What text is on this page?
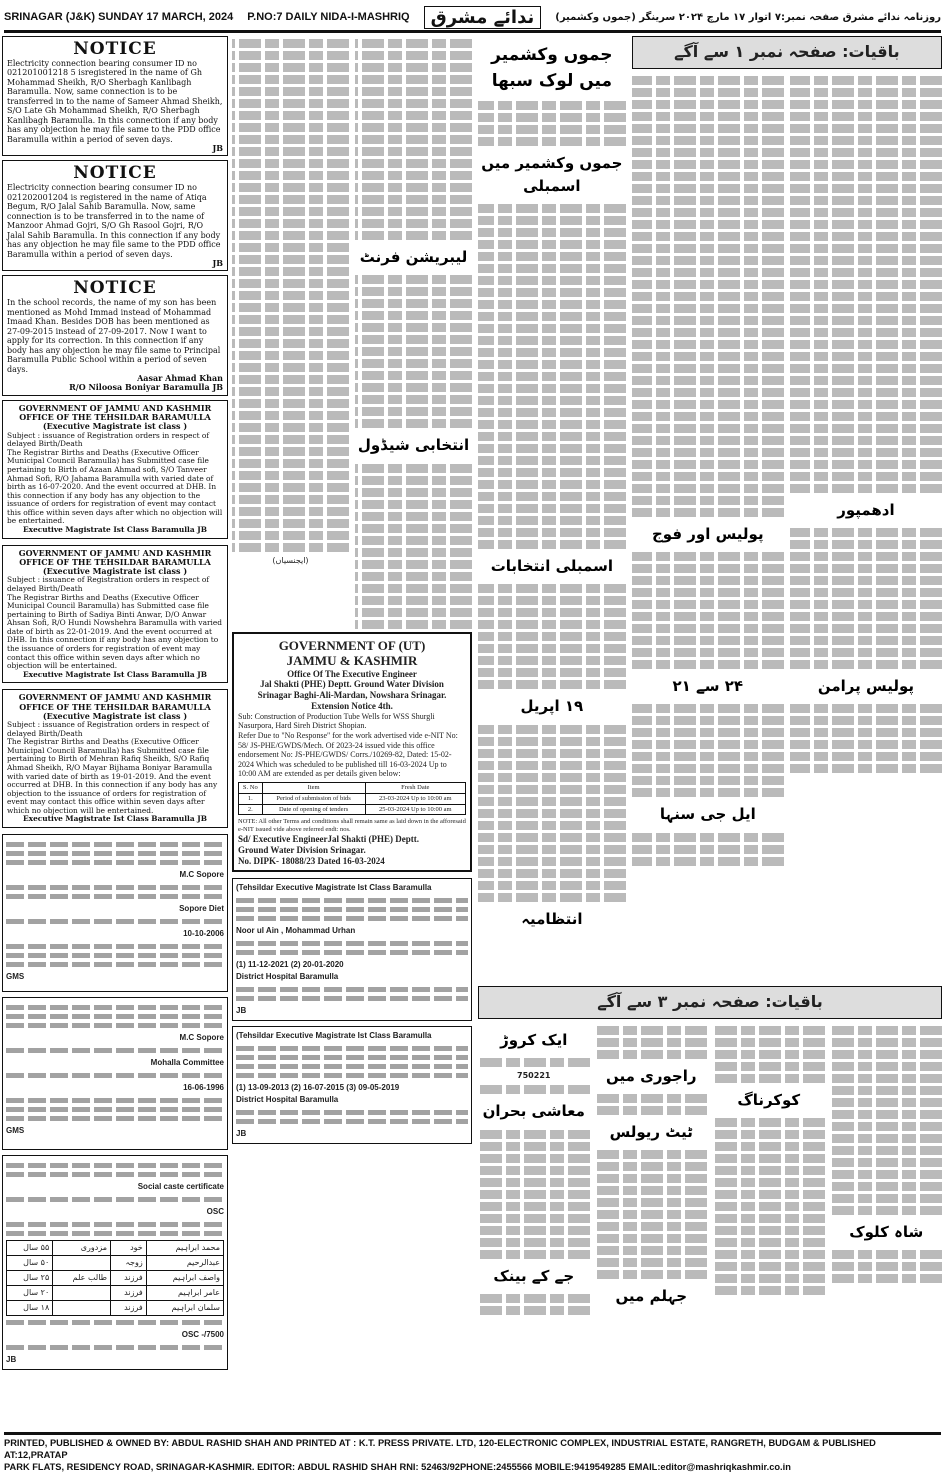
SRINAGAR (J&K) SUNDAY 17 MARCH, 2024 P.NO:7 DAILY NIDA-I-MASHRIQ	ندائے مشرق	روزنامہ ندائے مشرق صفحہ نمبر:۷ اتوار ۱۷ مارچ ۲۰۲۴ سرینگر (جموں وکشمیر)
NOTICE
Electricity connection bearing consumer ID no 021201001218 5 isregistered in the name of Gh Mohammad Sheikh, R/O Sherbagh Kanlibagh Baramulla. Now, same connection is to be transferred in to the name of Sameer Ahmad Sheikh, S/O Late Gh Mohammad Sheikh, R/O Sherbagh Kanlibagh Baramulla. In this connection if any body has any objection he may file same to the PDD office Baramulla within a period of seven days.
JB
NOTICE
Electricity connection bearing consumer ID no 021202001204 is registered in the name of Atiqa Begum, R/O Jalal Sahib Baramulla. Now, same connection is to be transferred in to the name of Manzoor Ahmad Gojri, S/O Gh Rasool Gojri, R/O Jalal Sahib Baramulla. In this connection if any body has any objection he may file same to the PDD office Baramulla within a period of seven days.
JB
NOTICE
In the school records, the name of my son has been mentioned as Mohd Immad instead of Mohammad Imaad Khan. Besides DOB has been mentioned as 27-09-2015 instead of 27-09-2017. Now I want to apply for its correction. In this connection if any body has any objection he may file same to Principal Baramulla Public School within a period of seven days.
Aasar Ahmad Khan
R/O Niloosa Boniyar Baramulla JB
GOVERNMENT OF JAMMU AND KASHMIR
OFFICE OF THE TEHSILDAR BARAMULLA
(Executive Magistrate ist class )
Subject : issuance of Registration orders in respect of delayed Birth/Death
The Registrar Births and Deaths (Executive Officer Municipal Council Baramulla) has Submitted case file pertaining to Birth of Azaan Ahmad sofi, S/O Tanveer Ahmad Sofi, R/O Jahama Baramulla with varied date of birth as 16-07-2020. And the event occurred at DHB. In this connection if any body has any objection to the issuance of orders for registration of event may contact this office within seven days after which no objection will be entertained.
Executive Magistrate Ist Class Baramulla JB
GOVERNMENT OF JAMMU AND KASHMIR
OFFICE OF THE TEHSILDAR BARAMULLA
(Executive Magistrate ist class )
Subject : issuance of Registration orders in respect of delayed Birth/Death
The Registrar Births and Deaths (Executive Officer Municipal Council Baramulla) has Submitted case file pertaining to Birth of Sadiya Binti Anwar, D/O Anwar Ahsan Sofi, R/O Hundi Nowshehra Baramulla with varied date of birth as 22-01-2019. And the event occurred at DHB. In this connection if any body has any objection to the issuance of orders for registration of event may contact this office within seven days after which no objection will be entertained.
Executive Magistrate Ist Class Baramulla JB
GOVERNMENT OF JAMMU AND KASHMIR
OFFICE OF THE TEHSILDAR BARAMULLA
(Executive Magistrate ist class )
Subject : issuance of Registration orders in respect of delayed Birth/Death
The Registrar Births and Deaths (Executive Officer Municipal Council Baramulla) has Submitted case file pertaining to Birth of Mehran Rafiq Sheikh, S/O Rafiq Ahmad Sheikh, R/O Mayar Bijhama Boniyar Baramulla with varied date of birth as 19-01-2019. And the event occurred at DHB. In this connection if any body has any objection to the issuance of orders for registration of event may contact this office within seven days after which no objection will be entertained.
Executive Magistrate Ist Class Baramulla JB
M.C Sopore
Sopore Diet
10-10-2006
GMS
M.C Sopore
Mohalla Committee
16-06-1996
GMS
Social caste certificate
OSC
محمد ابراہیم	خود	مزدوری	۵۵ سال
عبدالرحیم	زوجہ		۵۰ سال
واصف ابراہیم	فرزند	طالب علم	۲۵ سال
عامر ابراہیم	فرزند		۲۰ سال
سلمان ابراہیم	فرزند		۱۸ سال
7500/- OSC
JB
لیبریشن فرنٹ
انتخابی شیڈول
(ایجنسیاں)
GOVERNMENT OF (UT)
JAMMU & KASHMIR
Office Of The Executive Engineer
Jal Shakti (PHE) Deptt. Ground Water Division
Srinagar Baghi-Ali-Mardan, Nowshara Srinagar.
Extension Notice 4th.
Sub: Construction of Production Tube Wells for WSS Shurgli Nasurpora, Hard Sireh District Shopian.
Refer Due to "No Response" for the work advertised vide e-NIT No: 58/ JS-PHE/GWDS/Mech. Of 2023-24 issued vide this office endorsement No: JS-PHE/GWDS/ Corrs./10269-82, Dated: 15-02-2024 Which was scheduled to be published till 16-03-2024 Up to 10:00 AM are extended as per details given below:
S. No	Item	Fresh Date
1.	Period of submission of bids	23-03-2024 Up to 10:00 am
2.	Date of opening of tenders	25-03-2024 Up to 10:00 am
NOTE: All other Terms and conditions shall remain same as laid down in the afforesaid e-NIT issued vide above referred endt: nos.
Sd/ Executive EngineerJal Shakti (PHE) Deptt.
Ground Water Division Srinagar.
No. DIPK- 18088/23 Dated 16-03-2024
(Tehsildar Executive Magistrate Ist Class Baramulla
Noor ul Ain , Mohammad Urhan
(1) 11-12-2021 (2) 20-01-2020
District Hospital Baramulla
JB
(Tehsildar Executive Magistrate Ist Class Baramulla
(1) 13-09-2013 (2) 16-07-2015 (3) 09-05-2019
District Hospital Baramulla
JB
باقیات: صفحہ نمبر ۱ سے آگے
ادھمپور
پولیس پرامن
پولیس اور فوج
۲۴ سے ۲۱
ایل جی سنہا
جموں وکشمیر میں لوک سبھا
جموں وکشمیر میں اسمبلی
اسمبلی انتخابات
۱۹ اپریل
انتظامیہ
باقیات: صفحہ نمبر ۳ سے آگے
شاہ کلوک
کوکرناگ
راجوری میں
ٹیٹ ریولس
جہلم میں
ایک کروڑ
750221
معاشی بحران
جے کے بینک
PRINTED, PUBLISHED & OWNED BY: ABDUL RASHID SHAH AND PRINTED AT : K.T. PRESS PRIVATE. LTD, 120-ELECTRONIC COMPLEX, INDUSTRIAL ESTATE, RANGRETH, BUDGAM & PUBLISHED AT:12,PRATAP
PARK FLATS, RESIDENCY ROAD, SRINAGAR-KASHMIR. EDITOR: ABDUL RASHID SHAH RNI: 52463/92PHONE:2455566 MOBILE:9419549285 EMAIL:editor@mashriqkashmir.co.in
